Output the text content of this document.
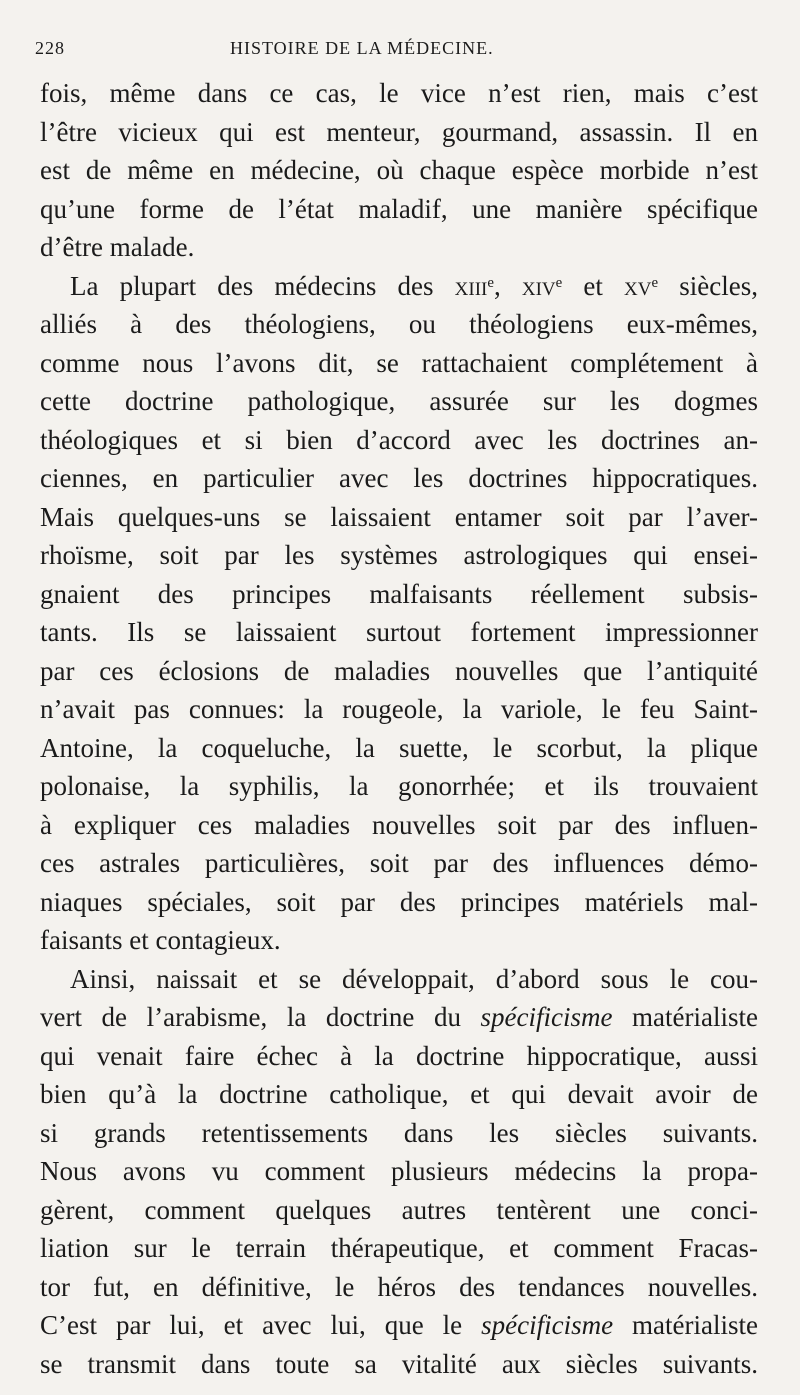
228	HISTOIRE DE LA MÉDECINE.
fois, même dans ce cas, le vice n’est rien, mais c’est
l’être vicieux qui est menteur, gourmand, assassin. Il en
est de même en médecine, où chaque espèce morbide n’est
qu’une forme de l’état maladif, une manière spécifique
d’être malade.
La plupart des médecins des xiii$^e$, xiv$^e$ et $xv^e$ siècles,
alliés à des théologiens, ou théologiens eux-mêmes,
comme nous l’avons dit, se rattachaient complétement à
cette doctrine pathologique, assurée sur les dogmes
théologiques et si bien d’accord avec les doctrines an-
ciennes, en particulier avec les doctrines hippocratiques.
Mais quelques-uns se laissaient entamer soit par l’aver-
rhoïsme, soit par les systèmes astrologiques qui ensei-
gnaient des principes malfaisants réellement subsis-
tants. Ils se laissaient surtout fortement impressionner
par ces éclosions de maladies nouvelles que l’antiquité
n’avait pas connues: la rougeole, la variole, le feu Saint-
Antoine, la coqueluche, la suette, le scorbut, la plique
polonaise, la syphilis, la gonorrhée; et ils trouvaient
à expliquer ces maladies nouvelles soit par des influen-
ces astrales particulières, soit par des influences démo-
niaques spéciales, soit par des principes matériels mal-
faisants et contagieux.
Ainsi, naissait et se développait, d’abord sous le cou-
vert de l’arabisme, la doctrine du spécificisme matérialiste
qui venait faire échec à la doctrine hippocratique, aussi
bien qu’à la doctrine catholique, et qui devait avoir de
si grands retentissements dans les siècles suivants.
Nous avons vu comment plusieurs médecins la propa-
gèrent, comment quelques autres tentèrent une conci-
liation sur le terrain thérapeutique, et comment Fracas-
tor fut, en définitive, le héros des tendances nouvelles.
C’est par lui, et avec lui, que le spécificisme matérialiste
se transmit dans toute sa vitalité aux siècles suivants.
